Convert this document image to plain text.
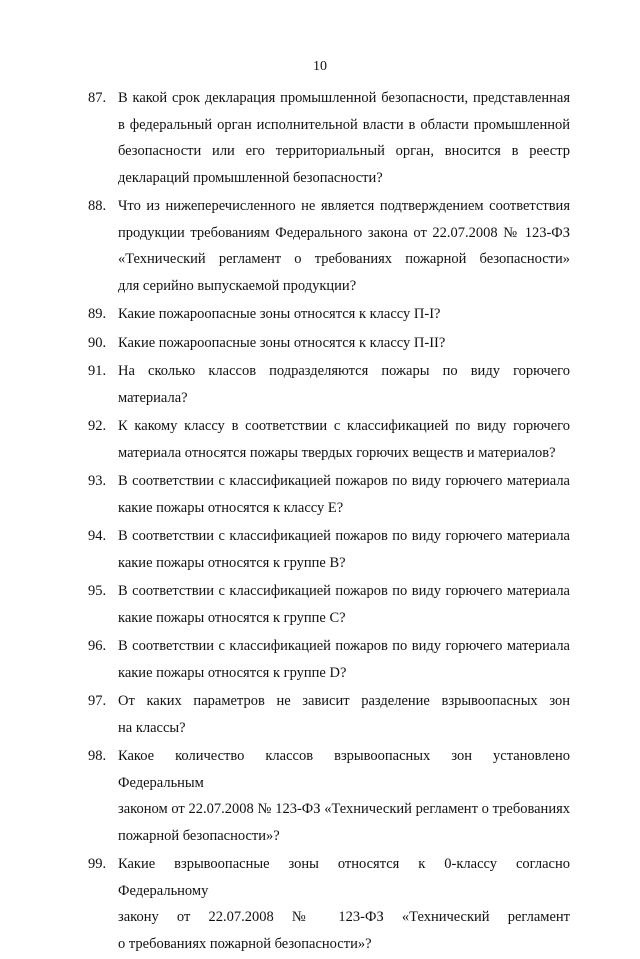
10
87. В какой срок декларация промышленной безопасности, представленная
в федеральный орган исполнительной власти в области промышленной
безопасности или его территориальный орган, вносится в реестр
деклараций промышленной безопасности?
88. Что из нижеперечисленного не является подтверждением соответствия
продукции требованиям Федерального закона от 22.07.2008 № 123-ФЗ
«Технический регламент о требованиях пожарной безопасности»
для серийно выпускаемой продукции?
89. Какие пожароопасные зоны относятся к классу П-I?
90. Какие пожароопасные зоны относятся к классу П-II?
91. На сколько классов подразделяются пожары по виду горючего
материала?
92. К какому классу в соответствии с классификацией по виду горючего
материала относятся пожары твердых горючих веществ и материалов?
93. В соответствии с классификацией пожаров по виду горючего материала
какие пожары относятся к классу Е?
94. В соответствии с классификацией пожаров по виду горючего материала
какие пожары относятся к группе В?
95. В соответствии с классификацией пожаров по виду горючего материала
какие пожары относятся к группе С?
96. В соответствии с классификацией пожаров по виду горючего материала
какие пожары относятся к группе D?
97. От каких параметров не зависит разделение взрывоопасных зон
на классы?
98. Какое количество классов взрывоопасных зон установлено Федеральным
законом от 22.07.2008 № 123-ФЗ «Технический регламент о требованиях
пожарной безопасности»?
99. Какие взрывоопасные зоны относятся к 0-классу согласно Федеральному
закону от 22.07.2008 № 123-ФЗ «Технический регламент
о требованиях пожарной безопасности»?
